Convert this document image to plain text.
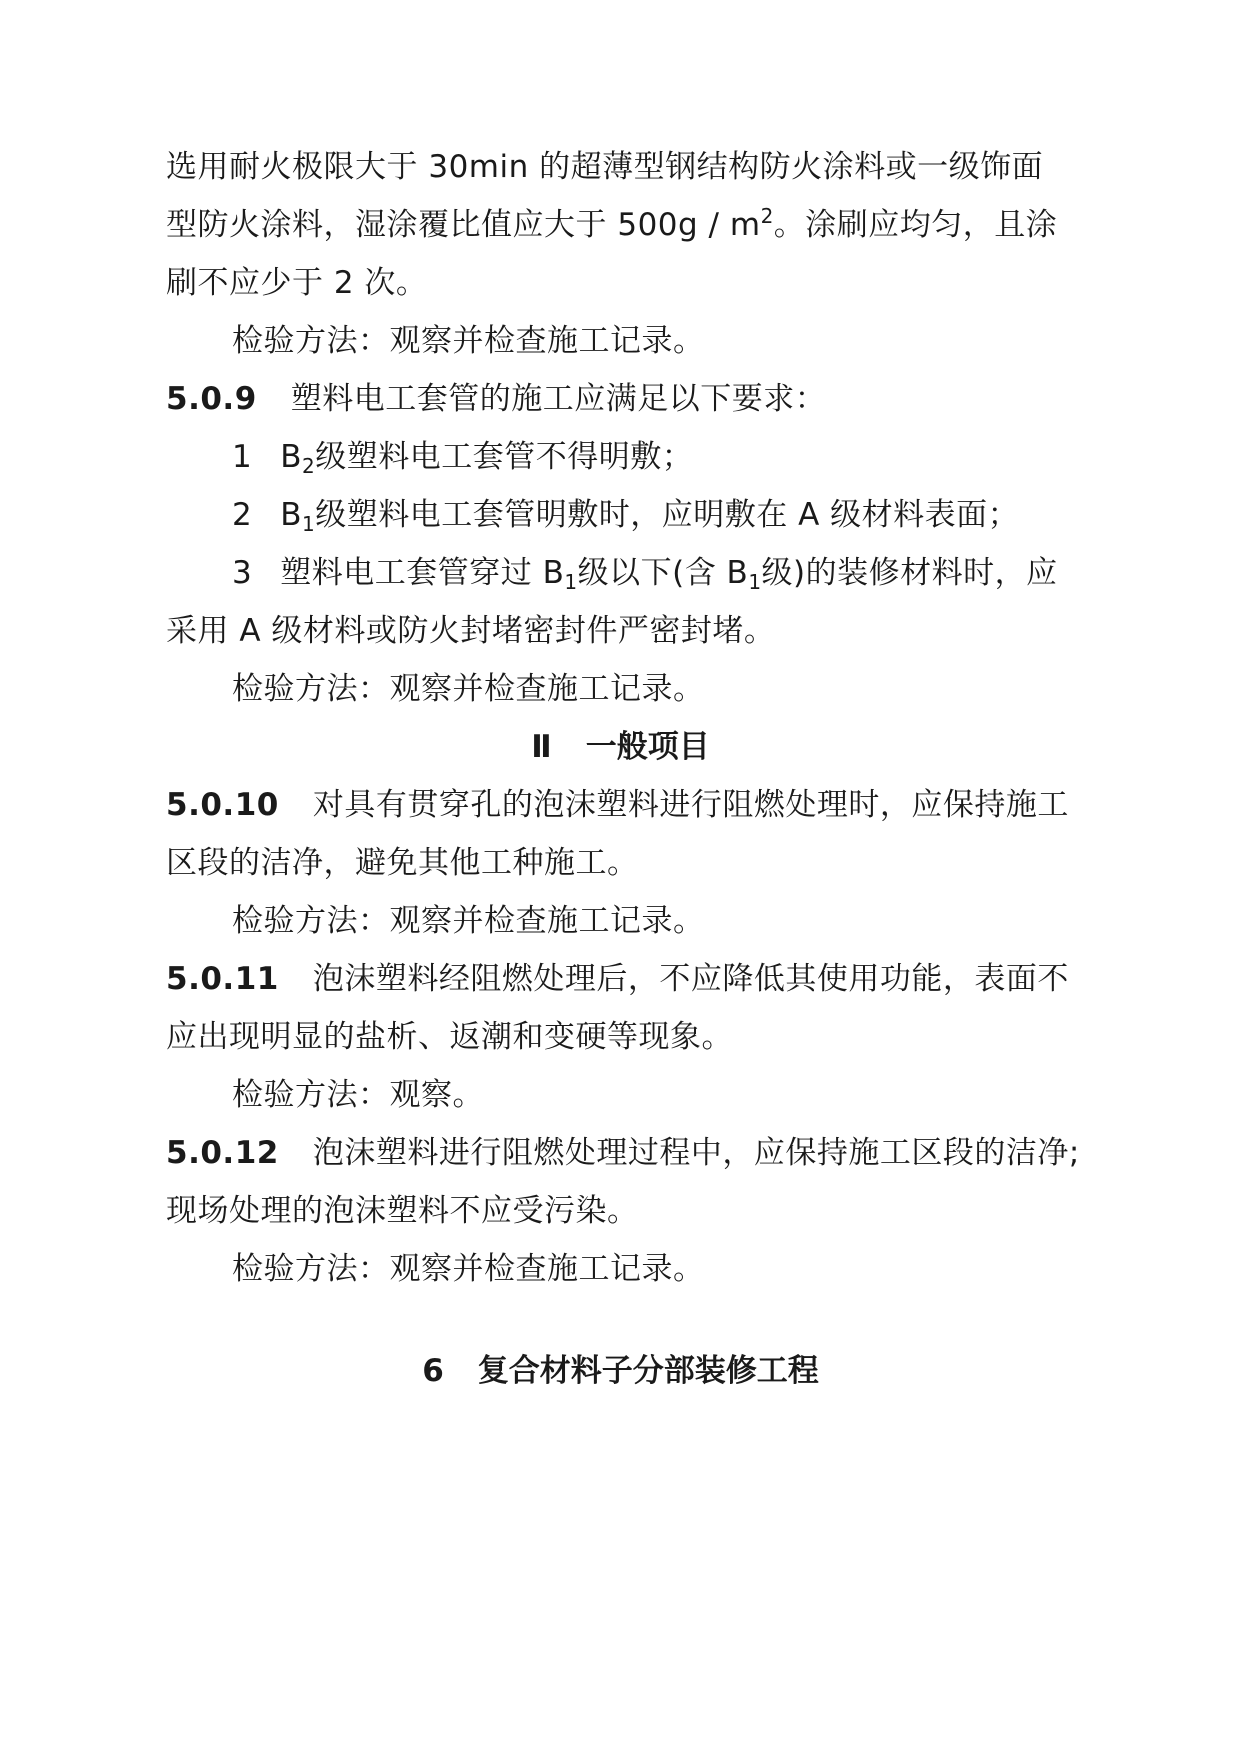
选用耐火极限大于 30min 的超薄型钢结构防火涂料或一级饰面
型防火涂料，湿涂覆比值应大于 $500g / m^2$。涂刷应均匀，且涂
刷不应少于 2 次。
检验方法：观察并检查施工记录。
5.0.9 塑料电工套管的施工应满足以下要求：
1 $B_2$级塑料电工套管不得明敷；
2 $B_1$级塑料电工套管明敷时，应明敷在 A 级材料表面；
3 塑料电工套管穿过 $B_1$级以下(含 $B_1$级)的装修材料时，应
采用 A 级材料或防火封堵密封件严密封堵。
检验方法：观察并检查施工记录。
Ⅱ 一般项目
5.0.10 对具有贯穿孔的泡沫塑料进行阻燃处理时，应保持施工
区段的洁净，避免其他工种施工。
检验方法：观察并检查施工记录。
5.0.11 泡沫塑料经阻燃处理后，不应降低其使用功能，表面不
应出现明显的盐析、返潮和变硬等现象。
检验方法：观察。
5.0.12 泡沫塑料进行阻燃处理过程中，应保持施工区段的洁净;
现场处理的泡沫塑料不应受污染。
检验方法：观察并检查施工记录。
6 复合材料子分部装修工程
